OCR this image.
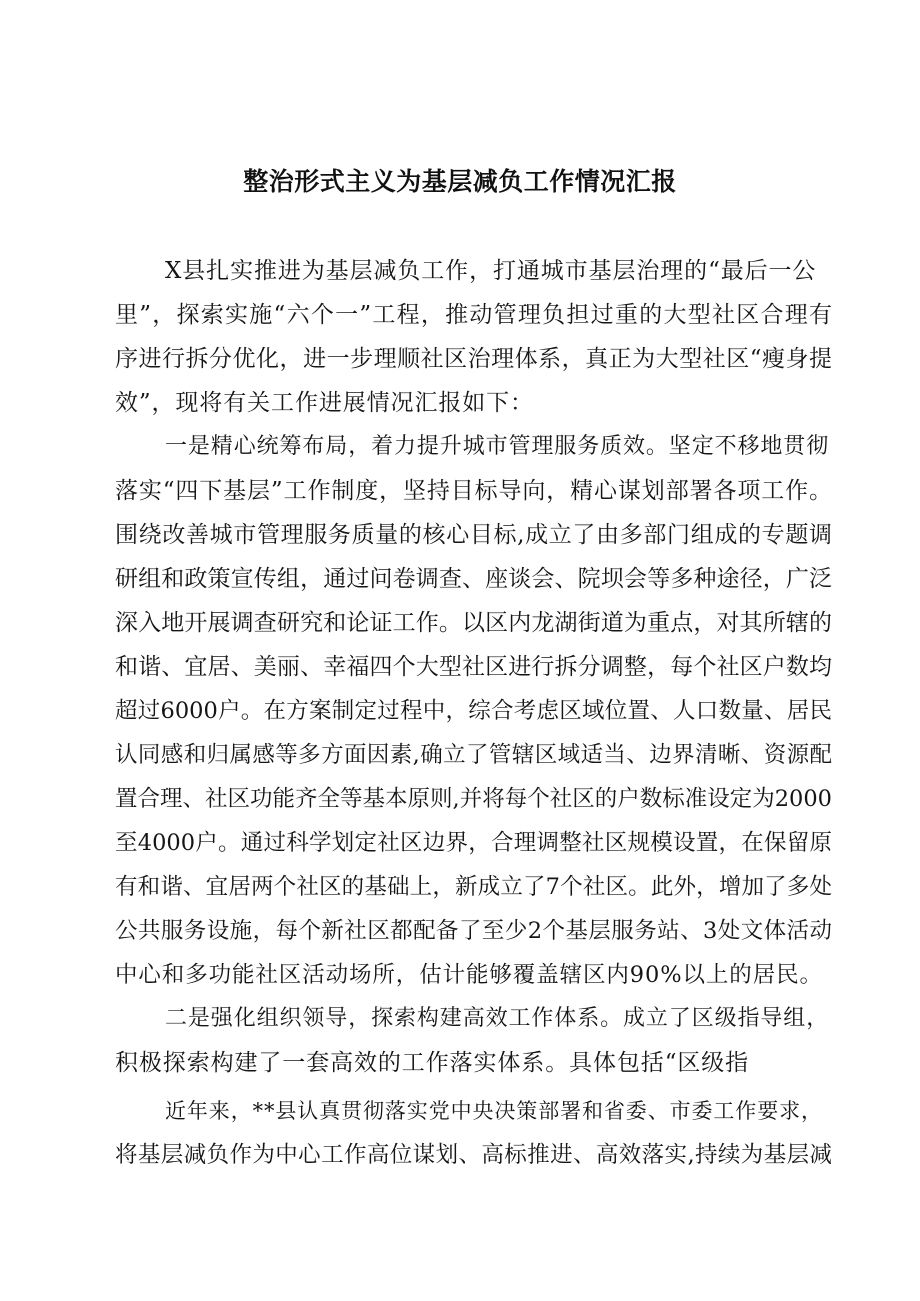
整治形式主义为基层减负工作情况汇报
X县扎实推进为基层减负工作，打通城市基层治理的“最后一公
里”，探索实施“六个一”工程，推动管理负担过重的大型社区合理有
序进行拆分优化，进一步理顺社区治理体系，真正为大型社区“瘦身提
效”，现将有关工作进展情况汇报如下：
一是精心统筹布局，着力提升城市管理服务质效。坚定不移地贯彻
落实“四下基层”工作制度，坚持目标导向，精心谋划部署各项工作。
围绕改善城市管理服务质量的核心目标,成立了由多部门组成的专题调
研组和政策宣传组，通过问卷调查、座谈会、院坝会等多种途径，广泛
深入地开展调查研究和论证工作。以区内龙湖街道为重点，对其所辖的
和谐、宜居、美丽、幸福四个大型社区进行拆分调整，每个社区户数均
超过6000户。在方案制定过程中，综合考虑区域位置、人口数量、居民
认同感和归属感等多方面因素,确立了管辖区域适当、边界清晰、资源配
置合理、社区功能齐全等基本原则,并将每个社区的户数标准设定为2000
至4000户。通过科学划定社区边界，合理调整社区规模设置，在保留原
有和谐、宜居两个社区的基础上，新成立了7个社区。此外，增加了多处
公共服务设施，每个新社区都配备了至少2个基层服务站、3处文体活动
中心和多功能社区活动场所，估计能够覆盖辖区内90%以上的居民。
二是强化组织领导，探索构建高效工作体系。成立了区级指导组，
积极探索构建了一套高效的工作落实体系。具体包括“区级指
近年来，**县认真贯彻落实党中央决策部署和省委、市委工作要求，
将基层减负作为中心工作高位谋划、高标推进、高效落实,持续为基层减
